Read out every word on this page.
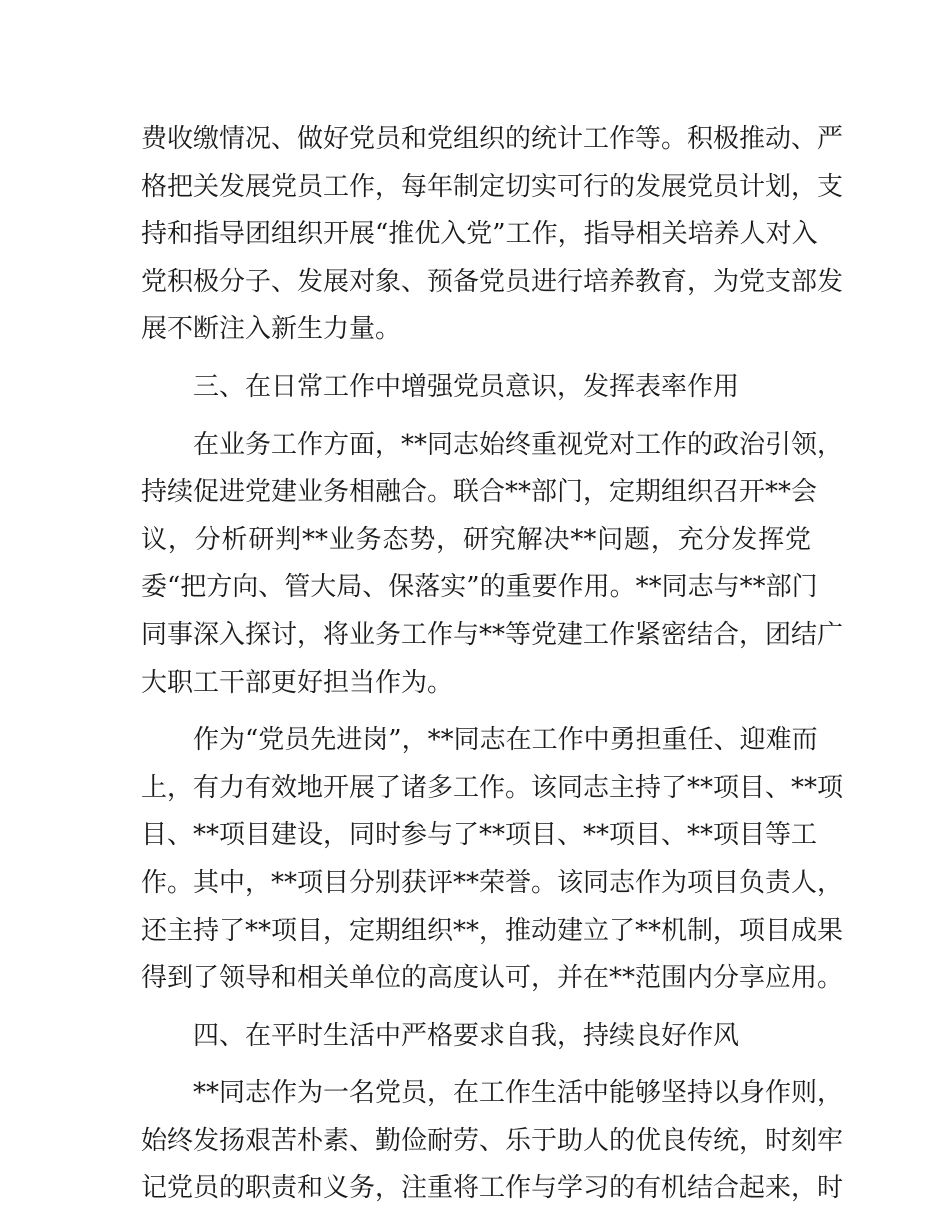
费收缴情况、做好党员和党组织的统计工作等。积极推动、严
格把关发展党员工作，每年制定切实可行的发展党员计划，支
持和指导团组织开展“推优入党”工作，指导相关培养人对入
党积极分子、发展对象、预备党员进行培养教育，为党支部发
展不断注入新生力量。
三、在日常工作中增强党员意识，发挥表率作用
在业务工作方面，**同志始终重视党对工作的政治引领，
持续促进党建业务相融合。联合**部门，定期组织召开**会
议，分析研判**业务态势，研究解决**问题，充分发挥党
委“把方向、管大局、保落实”的重要作用。**同志与**部门
同事深入探讨，将业务工作与**等党建工作紧密结合，团结广
大职工干部更好担当作为。
作为“党员先进岗”，**同志在工作中勇担重任、迎难而
上，有力有效地开展了诸多工作。该同志主持了**项目、**项
目、**项目建设，同时参与了**项目、**项目、**项目等工
作。其中，**项目分别获评**荣誉。该同志作为项目负责人，
还主持了**项目，定期组织**，推动建立了**机制，项目成果
得到了领导和相关单位的高度认可，并在**范围内分享应用。
四、在平时生活中严格要求自我，持续良好作风
**同志作为一名党员，在工作生活中能够坚持以身作则，
始终发扬艰苦朴素、勤俭耐劳、乐于助人的优良传统，时刻牢
记党员的职责和义务，注重将工作与学习的有机结合起来，时
